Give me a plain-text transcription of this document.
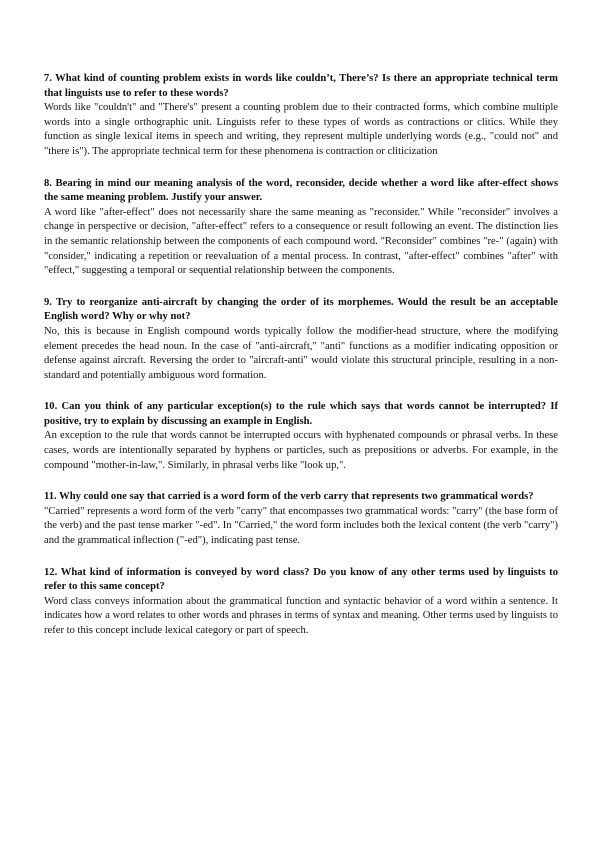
7. What kind of counting problem exists in words like couldn’t, There’s? Is there an appropriate technical term that linguists use to refer to these words?

Words like "couldn't" and "There's" present a counting problem due to their contracted forms, which combine multiple words into a single orthographic unit. Linguists refer to these types of words as contractions or clitics. While they function as single lexical items in speech and writing, they represent multiple underlying words (e.g., "could not" and "there is"). The appropriate technical term for these phenomena is contraction or cliticization

8. Bearing in mind our meaning analysis of the word, reconsider, decide whether a word like after-effect shows the same meaning problem. Justify your answer.

A word like "after-effect" does not necessarily share the same meaning as "reconsider." While "reconsider" involves a change in perspective or decision, "after-effect" refers to a consequence or result following an event. The distinction lies in the semantic relationship between the components of each compound word. "Reconsider" combines "re-" (again) with "consider," indicating a repetition or reevaluation of a mental process. In contrast, "after-effect" combines "after" with "effect," suggesting a temporal or sequential relationship between the components.

9. Try to reorganize anti-aircraft by changing the order of its morphemes. Would the result be an acceptable English word? Why or why not?

No, this is because in English compound words typically follow the modifier-head structure, where the modifying element precedes the head noun. In the case of "anti-aircraft," "anti" functions as a modifier indicating opposition or defense against aircraft. Reversing the order to "aircraft-anti" would violate this structural principle, resulting in a non-standard and potentially ambiguous word formation.

10. Can you think of any particular exception(s) to the rule which says that words cannot be interrupted? If positive, try to explain by discussing an example in English.

An exception to the rule that words cannot be interrupted occurs with hyphenated compounds or phrasal verbs. In these cases, words are intentionally separated by hyphens or particles, such as prepositions or adverbs. For example, in the compound "mother-in-law,". Similarly, in phrasal verbs like "look up,".

11. Why could one say that carried is a word form of the verb carry that represents two grammatical words?

"Carried" represents a word form of the verb "carry" that encompasses two grammatical words: "carry" (the base form of the verb) and the past tense marker "-ed". In "Carried," the word form includes both the lexical content (the verb "carry") and the grammatical inflection ("-ed"), indicating past tense.

12. What kind of information is conveyed by word class? Do you know of any other terms used by linguists to refer to this same concept?

Word class conveys information about the grammatical function and syntactic behavior of a word within a sentence. It indicates how a word relates to other words and phrases in terms of syntax and meaning. Other terms used by linguists to refer to this concept include lexical category or part of speech.
